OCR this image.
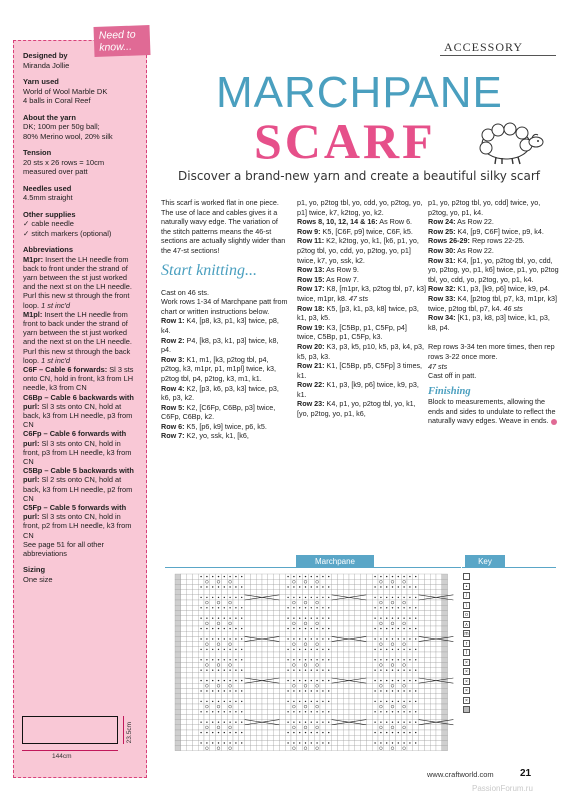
Designed by

Miranda Jollie

Yarn used

World of Wool Marble DK
4 balls in Coral Reef

About the yarn

DK; 100m per 50g ball;
80% Merino wool, 20% silk

Tension

20 sts x 26 rows = 10cm
measured over patt

Needles used

4.5mm straight

Other supplies

✓ cable needle
✓ stitch markers (optional)

Abbreviations

M1pr: Insert the LH needle from back to front under the strand of yarn between the st just worked and the next st on the LH needle. Purl this new st through the front loop. 1 st inc'd
M1pl: Insert the LH needle from front to back under the strand of yarn between the st just worked and the next st on the LH needle. Purl this new st through the back loop. 1 st inc'd
C6F – Cable 6 forwards: Sl 3 sts onto CN, hold in front, k3 from LH needle, k3 from CN
C6Bp – Cable 6 backwards with purl: Sl 3 sts onto CN, hold at back, k3 from LH needle, p3 from CN
C6Fp – Cable 6 forwards with purl: Sl 3 sts onto CN, hold in front, p3 from LH needle, k3 from CN
C5Bp – Cable 5 backwards with purl: Sl 2 sts onto CN, hold at back, k3 from LH needle, p2 from CN
C5Fp – Cable 5 forwards with purl: Sl 3 sts onto CN, hold in front, p2 from LH needle, k3 from CN
See page 51 for all other abbreviations

Sizing

One size

Need to know...
144cm
23.5cm
ACCESSORY
MARCHPANE
SCARF
Discover a brand-new yarn and create a beautiful silky scarf

This scarf is worked flat in one piece. The use of lace and cables gives it a naturally wavy edge. The variation of the stitch patterns means the 46-st sections are actually slightly wider than the 47-st sections!

Start knitting...

Cast on 46 sts.

Work rows 1-34 of Marchpane patt from chart or written instructions below.

Row 1: K4, [p8, k3, p1, k3] twice, p8, k4.

Row 2: P4, [k8, p3, k1, p3] twice, k8, p4.

Row 3: K1, m1, [k3, p2tog tbl, p4, p2tog, k3, m1pr, p1, m1pl] twice, k3, p2tog tbl, p4, p2tog, k3, m1, k1.

Row 4: K2, [p3, k6, p3, k3] twice, p3, k6, p3, k2.

Row 5: K2, [C6Fp, C6Bp, p3] twice, C6Fp, C6Bp, k2.

Row 6: K5, [p6, k9] twice, p6, k5.

Row 7: K2, yo, ssk, k1, [k6,

p1, yo, p2tog tbl, yo, cdd, yo, p2tog, yo, p1] twice, k7, k2tog, yo, k2.

Rows 8, 10, 12, 14 & 16: As Row 6.

Row 9: K5, [C6F, p9] twice, C6F, k5.

Row 11: K2, k2tog, yo, k1, [k6, p1, yo, p2tog tbl, yo, cdd, yo, p2tog, yo, p1] twice, k7, yo, ssk, k2.

Row 13: As Row 9.

Row 15: As Row 7.

Row 17: K8, [m1pr, k3, p2tog tbl, p7, k3] twice, m1pr, k8. 47 sts

Row 18: K5, [p3, k1, p3, k8] twice, p3, k1, p3, k5.

Row 19: K3, [C5Bp, p1, C5Fp, p4] twice, C5Bp, p1, C5Fp, k3.

Row 20: K3, p3, k5, p10, k5, p3, k4, p3, k5, p3, k3.

Row 21: K1, [C5Bp, p5, C5Fp] 3 times, k1.

Row 22: K1, p3, [k9, p6] twice, k9, p3, k1.

Row 23: K4, p1, yo, p2tog tbl, yo, k1, [yo, p2tog, yo, p1, k6,

p1, yo, p2tog tbl, yo, cdd] twice, yo, p2tog, yo, p1, k4.

Row 24: As Row 22.

Row 25: K4, [p9, C6F] twice, p9, k4.

Rows 26-29: Rep rows 22-25.

Row 30: As Row 22.

Row 31: K4, [p1, yo, p2tog tbl, yo, cdd, yo, p2tog, yo, p1, k6] twice, p1, yo, p2tog tbl, yo, cdd, yo, p2tog, yo, p1, k4.

Row 32: K1, p3, [k9, p6] twice, k9, p4.

Row 33: K4, [p2tog tbl, p7, k3, m1pr, k3] twice, p2tog tbl, p7, k4. 46 sts

Row 34: [K1, p3, k8, p3] twice, k1, p3, k8, p4.

Rep rows 3-34 ten more times, then rep rows 3-22 once more.

47 sts

Cast off in patt.

Finishing

Block to measurements, allowing the ends and sides to undulate to reflect the naturally wavy edges. Weave in ends.

Marchpane	Key
•
/
\
o
∧
m
r
l
×
×
×
×
×
www.craftworld.com	21
PassionForum.ru
